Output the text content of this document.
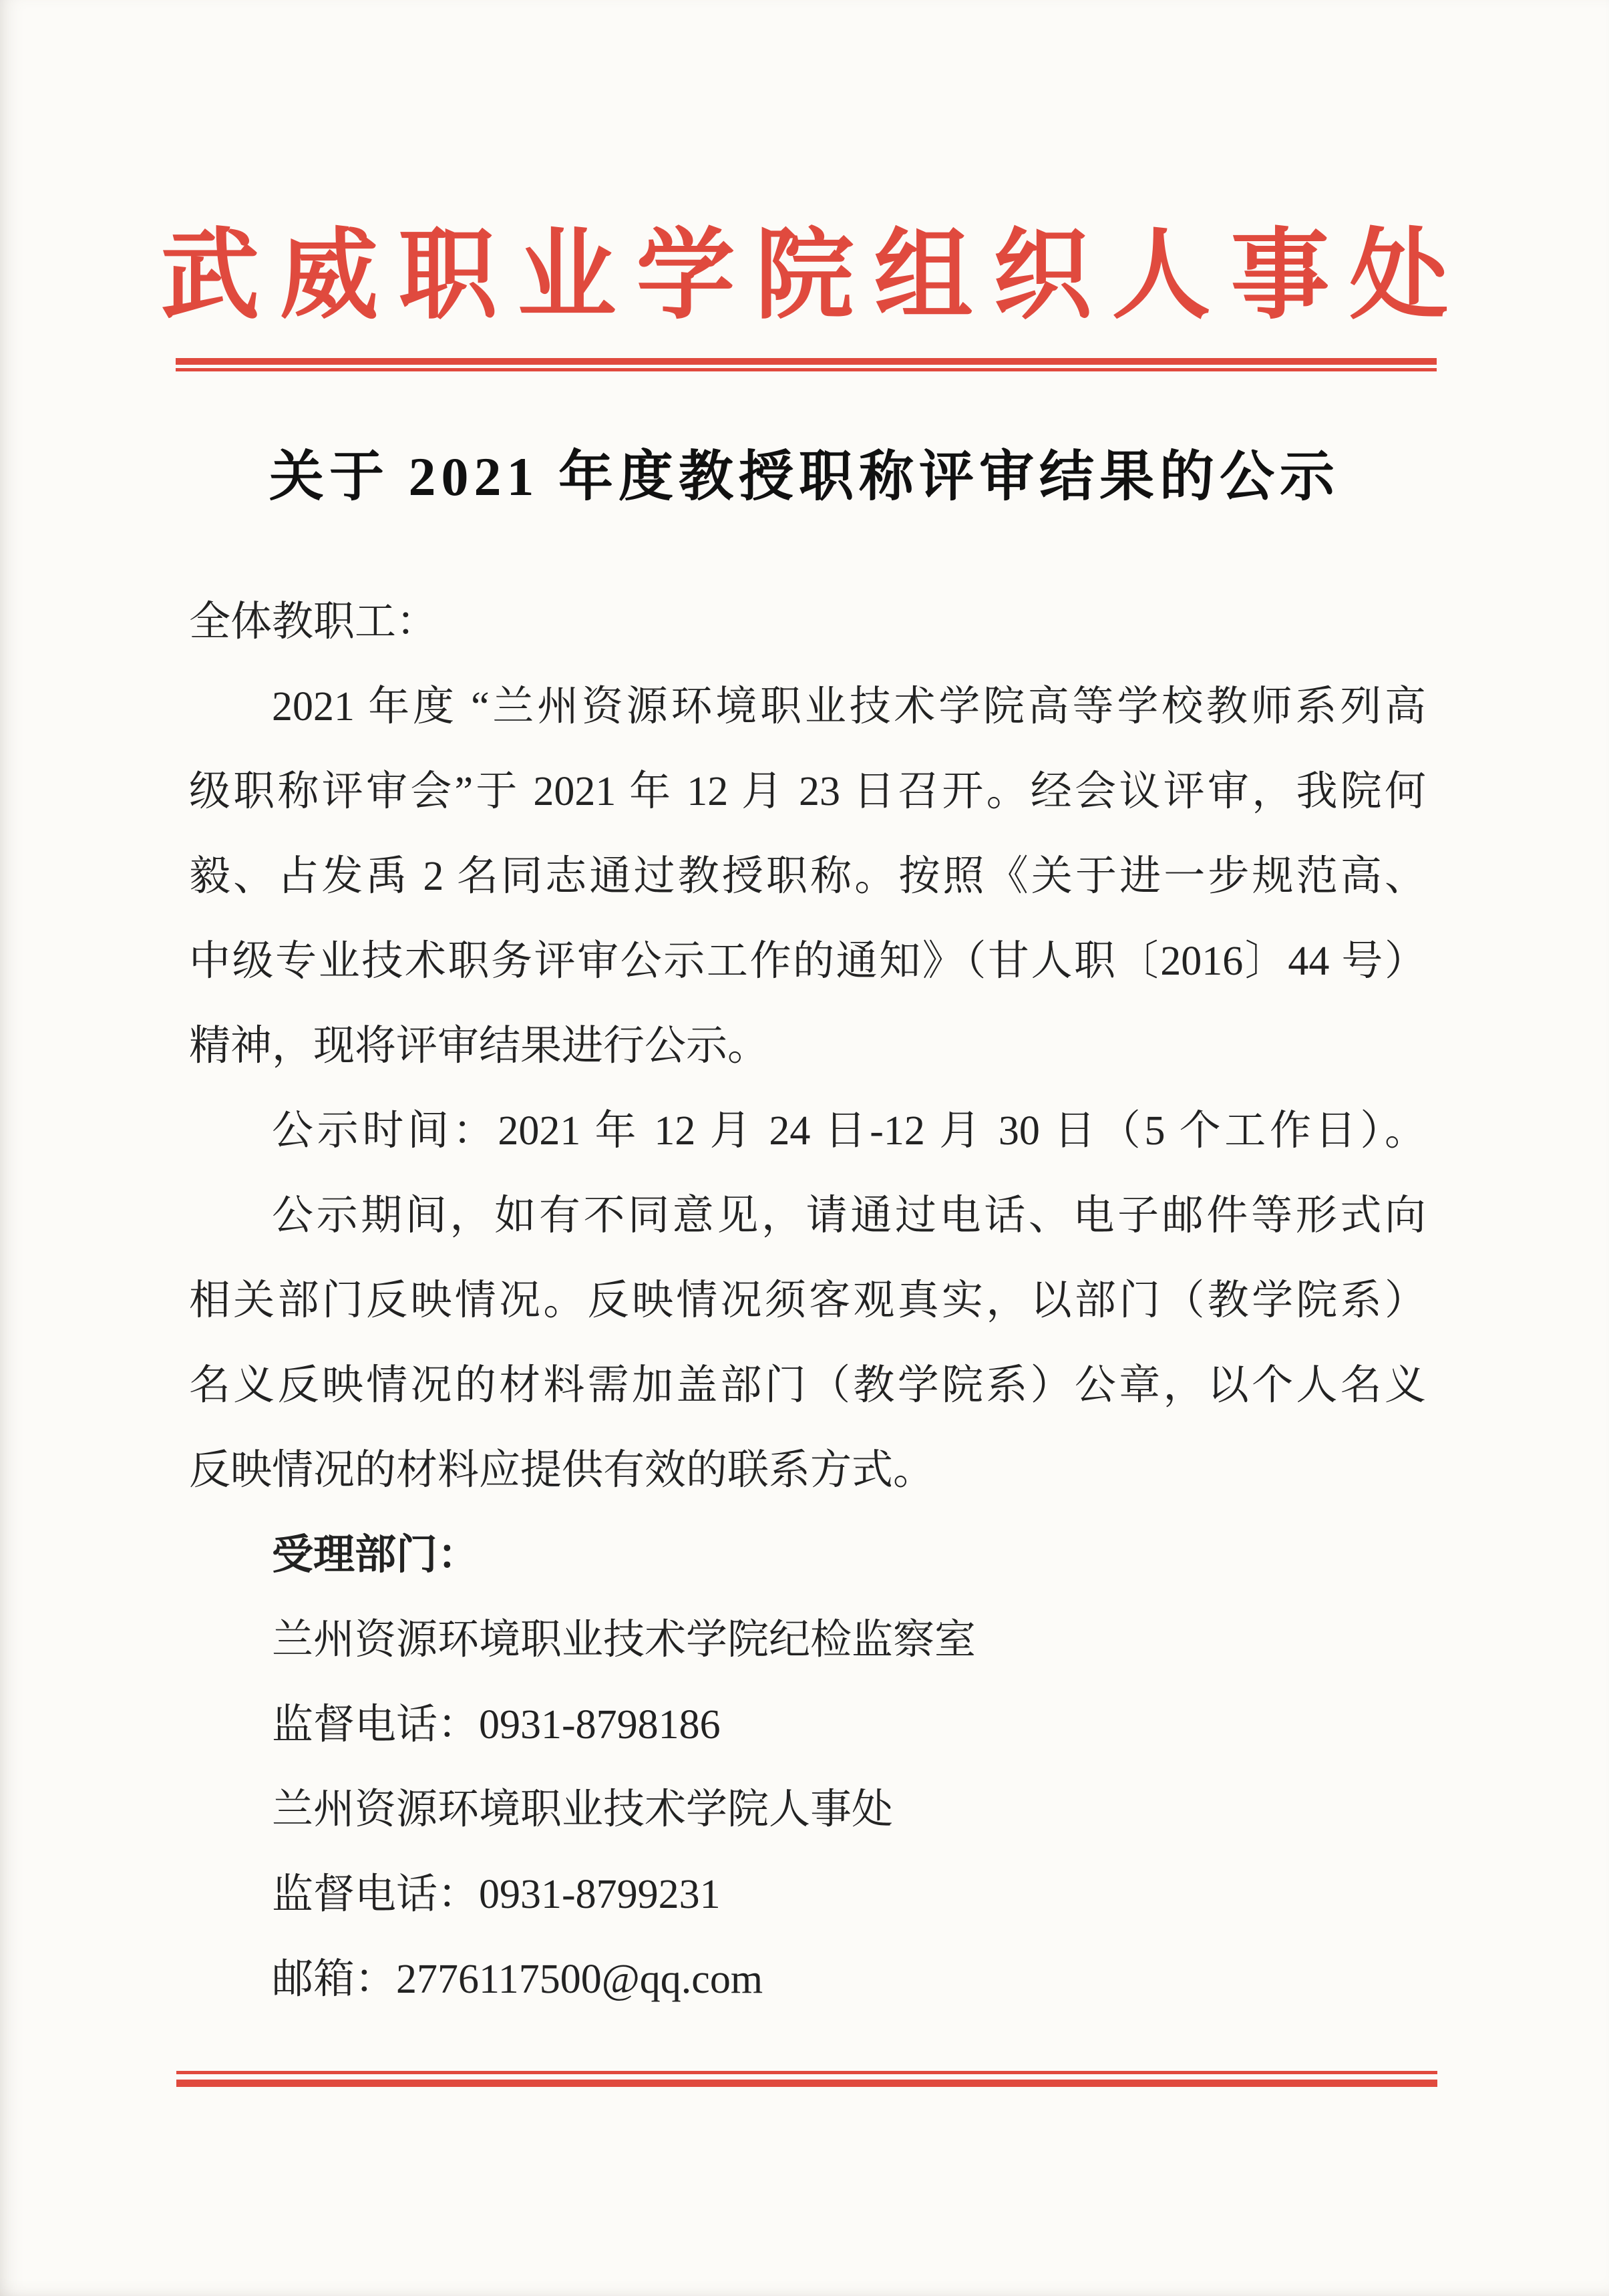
武威职业学院组织人事处
关于 2021 年度教授职称评审结果的公示

全体教职工：

2021 年度 “兰州资源环境职业技术学院高等学校教师系列高

级职称评审会”于 2021 年 12 月 23 日召开。经会议评审，我院何

毅、占发禹 2 名同志通过教授职称。按照《关于进一步规范高、

中级专业技术职务评审公示工作的通知》（甘人职〔2016〕44 号）

精神，现将评审结果进行公示。

公示时间：2021 年 12 月 24 日-12 月 30 日（5 个工作日）。

公示期间，如有不同意见，请通过电话、电子邮件等形式向

相关部门反映情况。反映情况须客观真实，以部门（教学院系）

名义反映情况的材料需加盖部门（教学院系）公章，以个人名义

反映情况的材料应提供有效的联系方式。

受理部门：

兰州资源环境职业技术学院纪检监察室

监督电话：0931-8798186

兰州资源环境职业技术学院人事处

监督电话：0931-8799231

邮箱：2776117500@qq.com
